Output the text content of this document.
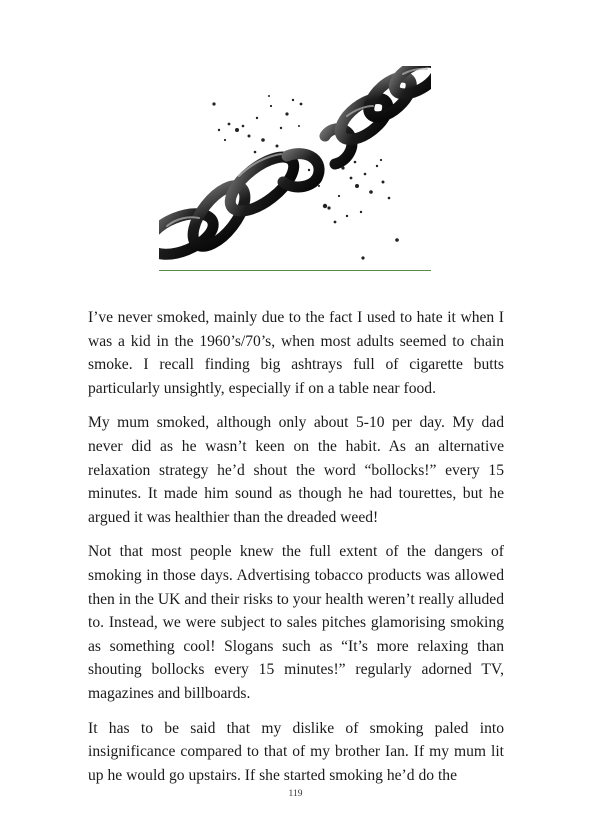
I’ve never smoked, mainly due to the fact I used to hate it when I was a kid in the 1960’s/70’s, when most adults seemed to chain smoke. I recall finding big ashtrays full of cigarette butts particularly unsightly, especially if on a table near food.

My mum smoked, although only about 5-10 per day. My dad never did as he wasn’t keen on the habit. As an alternative relaxation strategy he’d shout the word “bollocks!” every 15 minutes. It made him sound as though he had tourettes, but he argued it was healthier than the dreaded weed!

Not that most people knew the full extent of the dangers of smoking in those days. Advertising tobacco products was allowed then in the UK and their risks to your health weren’t really alluded to. Instead, we were subject to sales pitches glamorising smoking as something cool! Slogans such as “It’s more relaxing than shouting bollocks every 15 minutes!” regularly adorned TV, magazines and billboards.

It has to be said that my dislike of smoking paled into insignificance compared to that of my brother Ian. If my mum lit up he would go upstairs. If she started smoking he’d do the

119
